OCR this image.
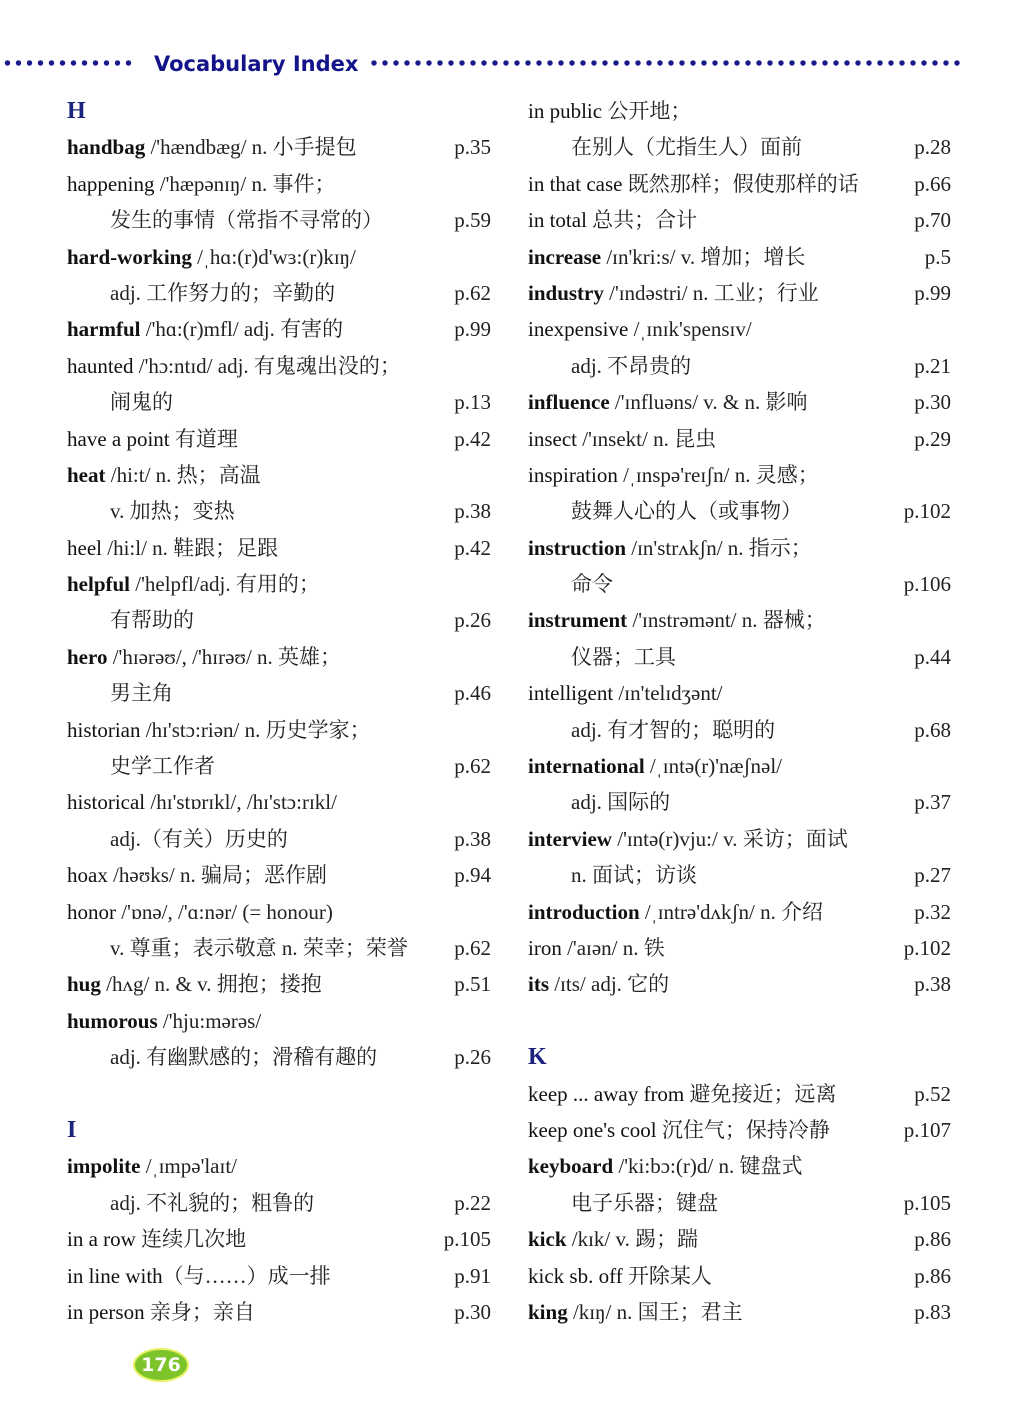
•••••••••••• Vocabulary Index ••••••••••••••••••••••••••••••••••••••••••••••••••••••
H
handbag /'hændbæg/ n. 小手提包	p.35
happening /'hæpənɪŋ/ n. 事件；
发生的事情（常指不寻常的）	p.59
hard-working /ˌhɑ:(r)d'wɜ:(r)kɪŋ/
adj. 工作努力的；辛勤的	p.62
harmful /'hɑ:(r)mfl/ adj. 有害的	p.99
haunted /'hɔ:ntɪd/ adj. 有鬼魂出没的；
闹鬼的	p.13
have a point 有道理	p.42
heat /hi:t/ n. 热；高温
v. 加热；变热	p.38
heel /hi:l/ n. 鞋跟；足跟	p.42
helpful /'helpfl/adj. 有用的；
有帮助的	p.26
hero /'hɪərəʊ/, /'hɪrəʊ/ n. 英雄；
男主角	p.46
historian /hɪ'stɔ:riən/ n. 历史学家；
史学工作者	p.62
historical /hɪ'stɒrɪkl/, /hɪ'stɔ:rɪkl/
adj.（有关）历史的	p.38
hoax /həʊks/ n. 骗局；恶作剧	p.94
honor /'ɒnə/, /'ɑ:nər/ (= honour)
v. 尊重；表示敬意 n. 荣幸；荣誉 p.62
hug /hʌg/ n. & v. 拥抱；搂抱	p.51
humorous /'hju:mərəs/
adj. 有幽默感的；滑稽有趣的	p.26
I
impolite /ˌɪmpə'laɪt/
adj. 不礼貌的；粗鲁的	p.22
in a row 连续几次地	p.105
in line with（与……）成一排	p.91
in person 亲身；亲自	p.30
in public 公开地；
在别人（尤指生人）面前	p.28
in that case 既然那样；假使那样的话	p.66
in total 总共；合计	p.70
increase /ɪn'kri:s/ v. 增加；增长	p.5
industry /'ɪndəstri/ n. 工业；行业	p.99
inexpensive /ˌɪnɪk'spensɪv/
adj. 不昂贵的	p.21
influence /'ɪnfluəns/ v. & n. 影响	p.30
insect /'ɪnsekt/ n. 昆虫	p.29
inspiration /ˌɪnspə'reɪʃn/ n. 灵感；
鼓舞人心的人（或事物）	p.102
instruction /ɪn'strʌkʃn/ n. 指示；
命令	p.106
instrument /'ɪnstrəmənt/ n. 器械；
仪器；工具	p.44
intelligent /ɪn'telɪdʒənt/
adj. 有才智的；聪明的	p.68
international /ˌɪntə(r)'næʃnəl/
adj. 国际的	p.37
interview /'ɪntə(r)vju:/ v. 采访；面试
n. 面试；访谈	p.27
introduction /ˌɪntrə'dʌkʃn/ n. 介绍	p.32
iron /'aɪən/ n. 铁	p.102
its /ɪts/ adj. 它的	p.38
K
keep ... away from 避免接近；远离	p.52
keep one's cool 沉住气；保持冷静	p.107
keyboard /'ki:bɔ:(r)d/ n. 键盘式
电子乐器；键盘	p.105
kick /kɪk/ v. 踢；踹	p.86
kick sb. off 开除某人	p.86
king /kɪŋ/ n. 国王；君主	p.83
176
